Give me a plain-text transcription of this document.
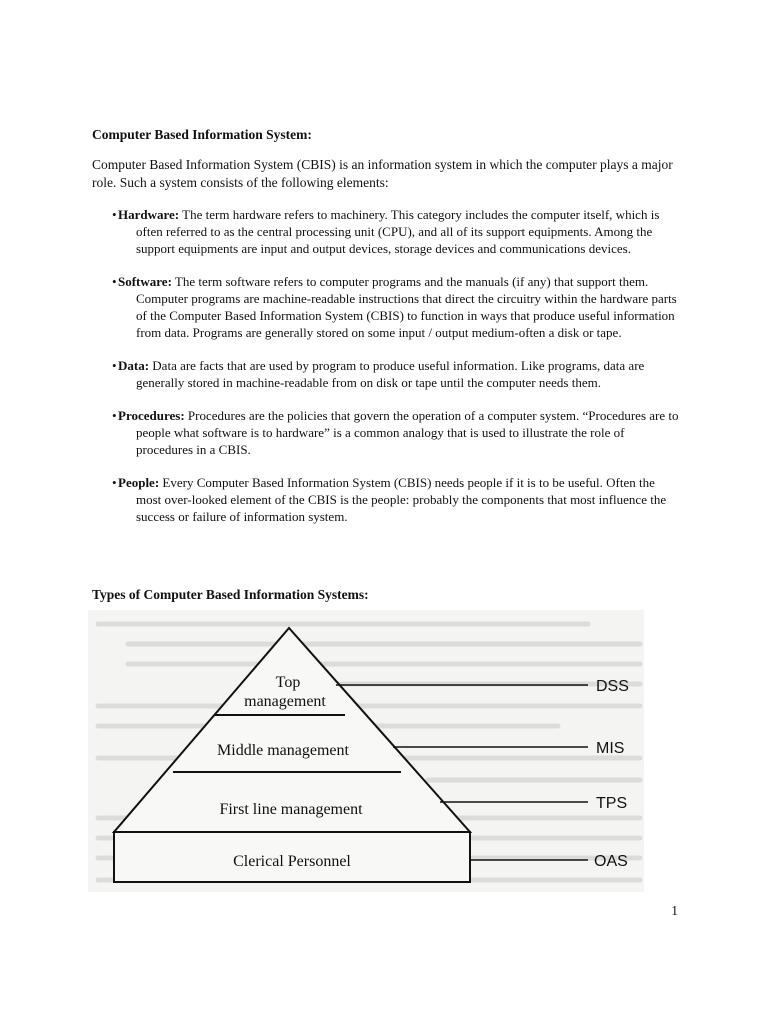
Computer Based Information System:
Computer Based Information System (CBIS) is an information system in which the computer plays a major role. Such a system consists of the following elements:
•Hardware: The term hardware refers to machinery. This category includes the computer itself, which is often referred to as the central processing unit (CPU), and all of its support equipments. Among the support equipments are input and output devices, storage devices and communications devices.
•Software: The term software refers to computer programs and the manuals (if any) that support them. Computer programs are machine-readable instructions that direct the circuitry within the hardware parts of the Computer Based Information System (CBIS) to function in ways that produce useful information from data. Programs are generally stored on some input / output medium-often a disk or tape.
•Data: Data are facts that are used by program to produce useful information. Like programs, data are generally stored in machine-readable from on disk or tape until the computer needs them.
•Procedures: Procedures are the policies that govern the operation of a computer system. “Procedures are to people what software is to hardware” is a common analogy that is used to illustrate the role of procedures in a CBIS.
•People: Every Computer Based Information System (CBIS) needs people if it is to be useful. Often the most over-looked element of the CBIS is the people: probably the components that most influence the success or failure of information system.
Types of Computer Based Information Systems:
Top
management
Middle management
First line management
Clerical Personnel
DSS
MIS
TPS
OAS
1
